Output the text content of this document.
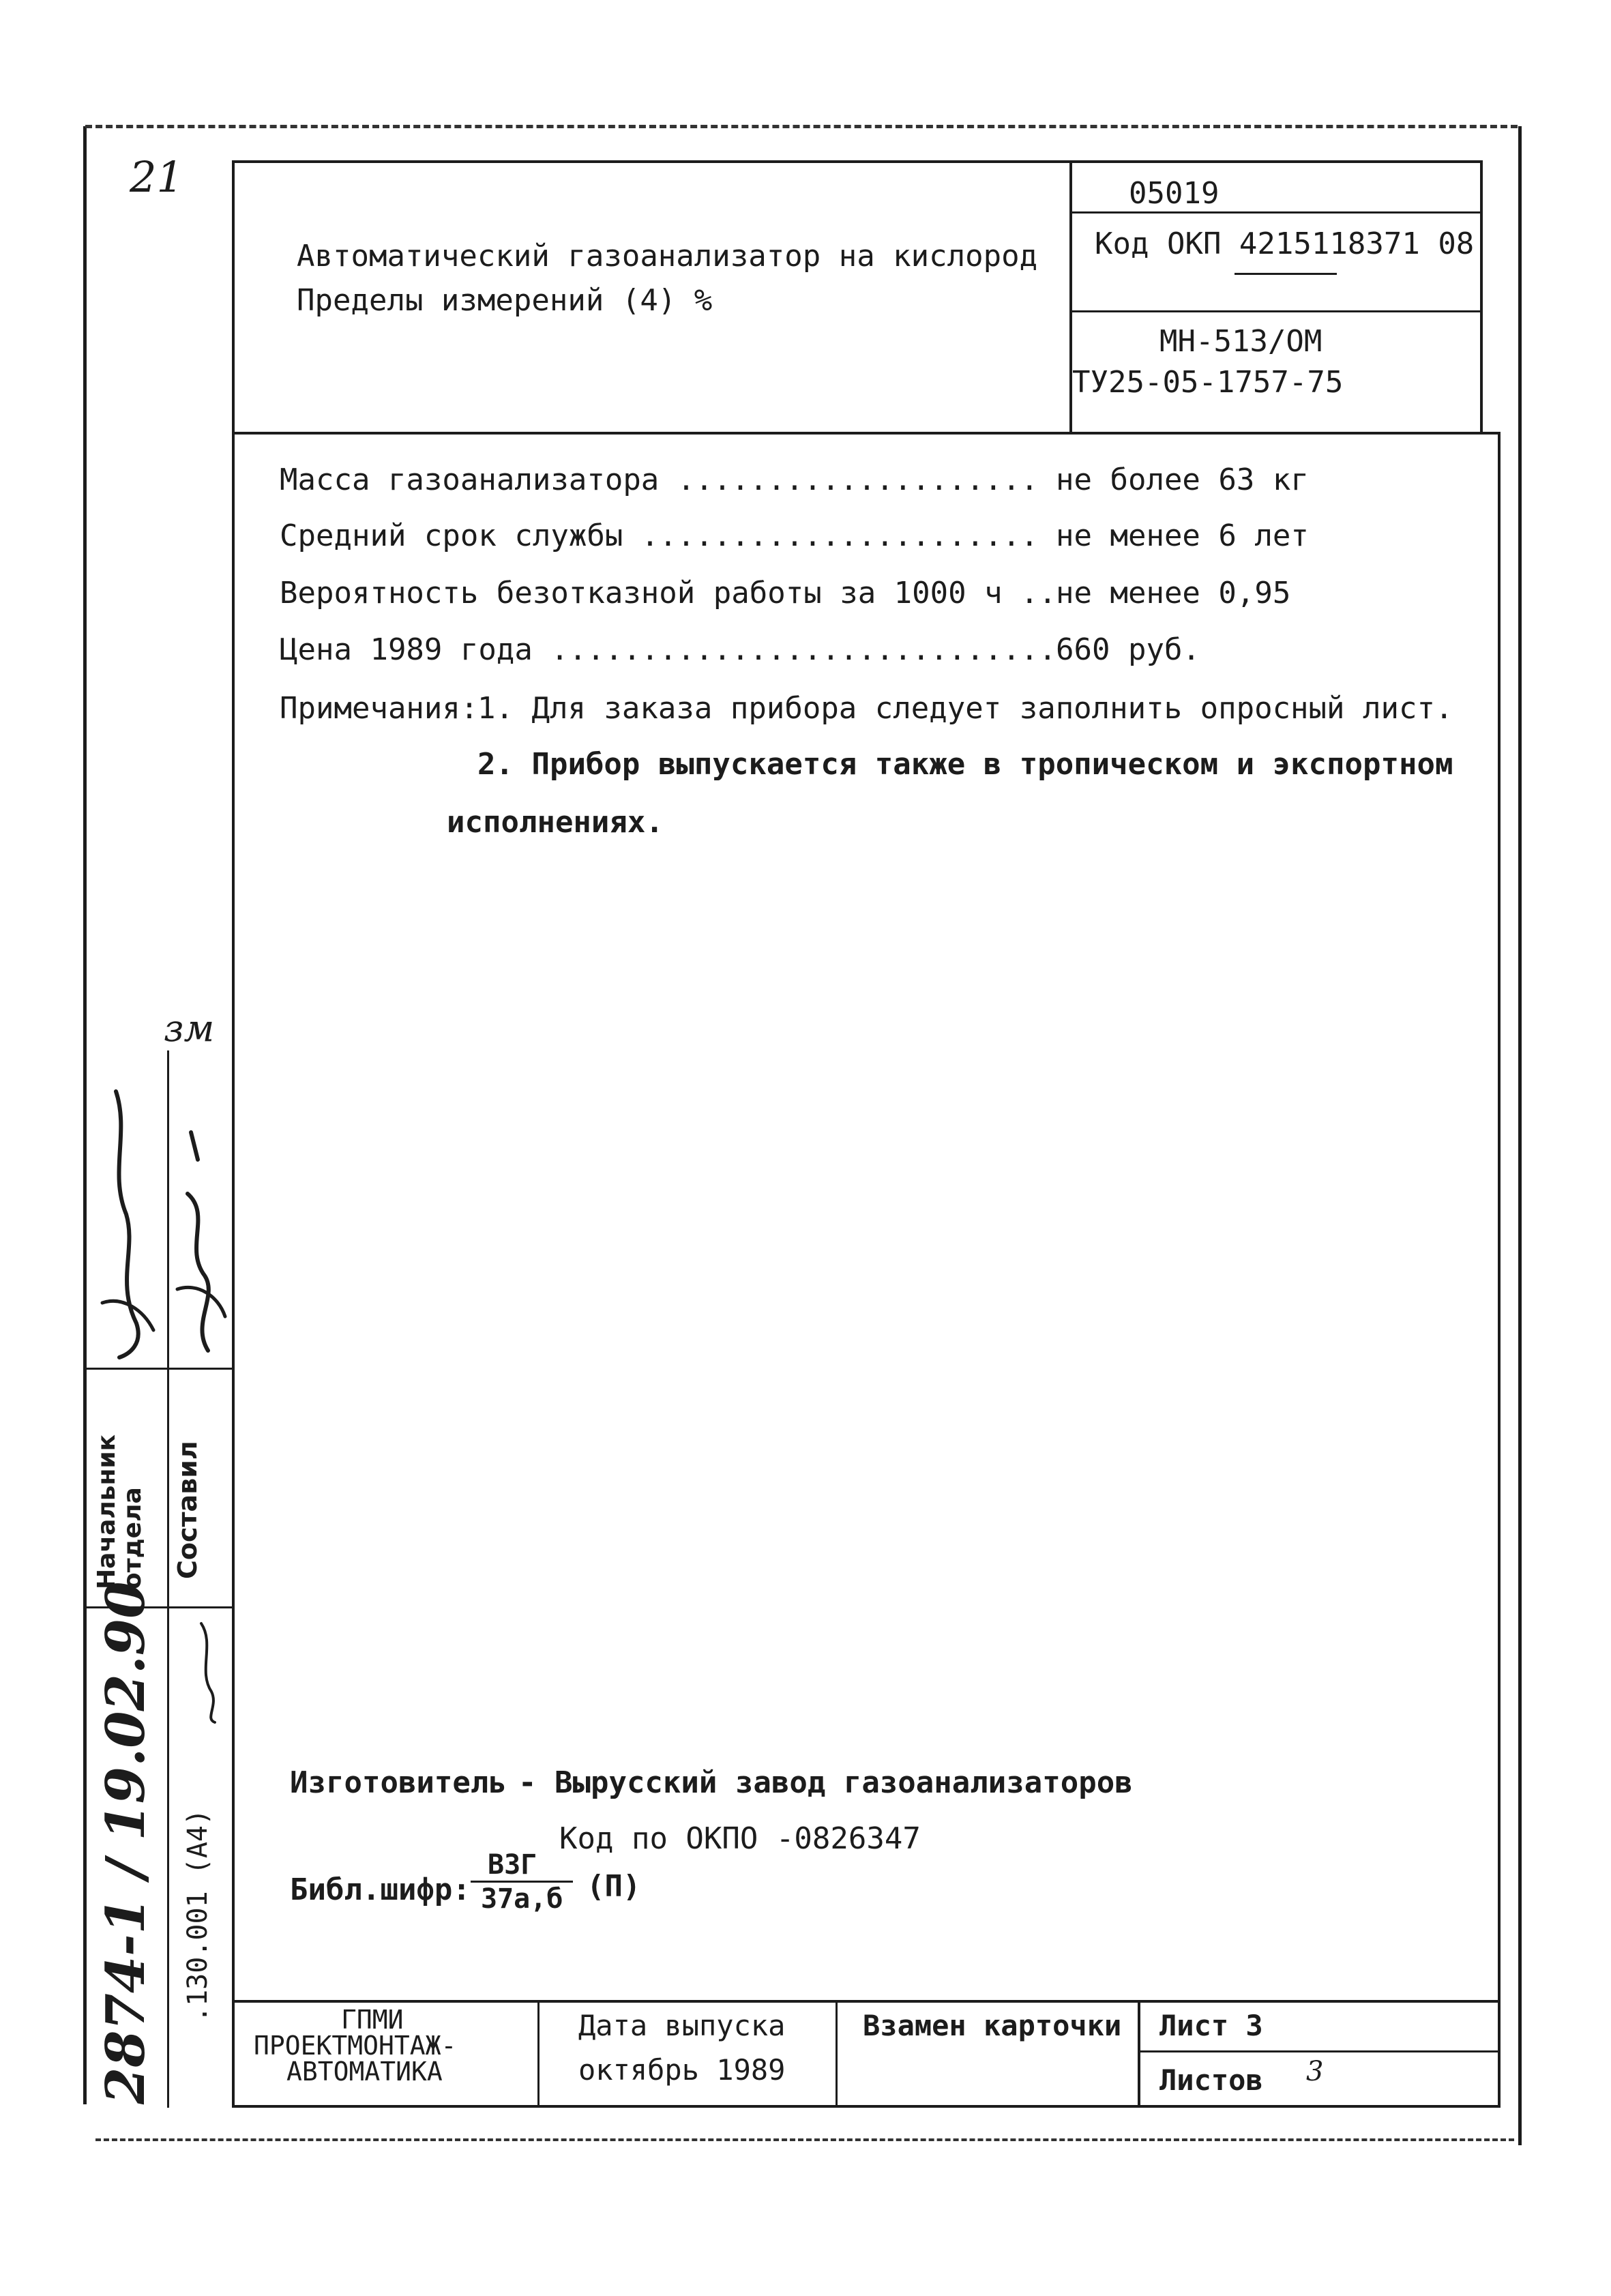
Автоматический газоанализатор на кислород
Пределы измерений (4) %
05019
Код ОКП 4215118371 08
МН-513/ОМ
ТУ25-05-1757-75
Масса газоанализатора .................... не более 63 кг
Средний срок службы ...................... не менее 6 лет
Вероятность безотказной работы за 1000 ч ..
не менее 0,95
Цена 1989 года ............................
660 руб.
Примечания:
1. Для заказа прибора следует заполнить опросный лист.
2. Прибор выпускается также в тропическом и экспортном
исполнениях.
Изготовитель - Вырусский завод газоанализаторов
Код по ОКПО -0826347
Библ.шифр:
ВЗГ
37а,б (П)
ГПМИ
ПРОЕКТМОНТАЖ-
АВТОМАТИКА
Дата выпуска
октябрь 1989
Взамен карточки Лист 3
Листов 3
Начальник отдела Составил
2874-1 / 19.02.90 .130.001 (А4)
21
зм
